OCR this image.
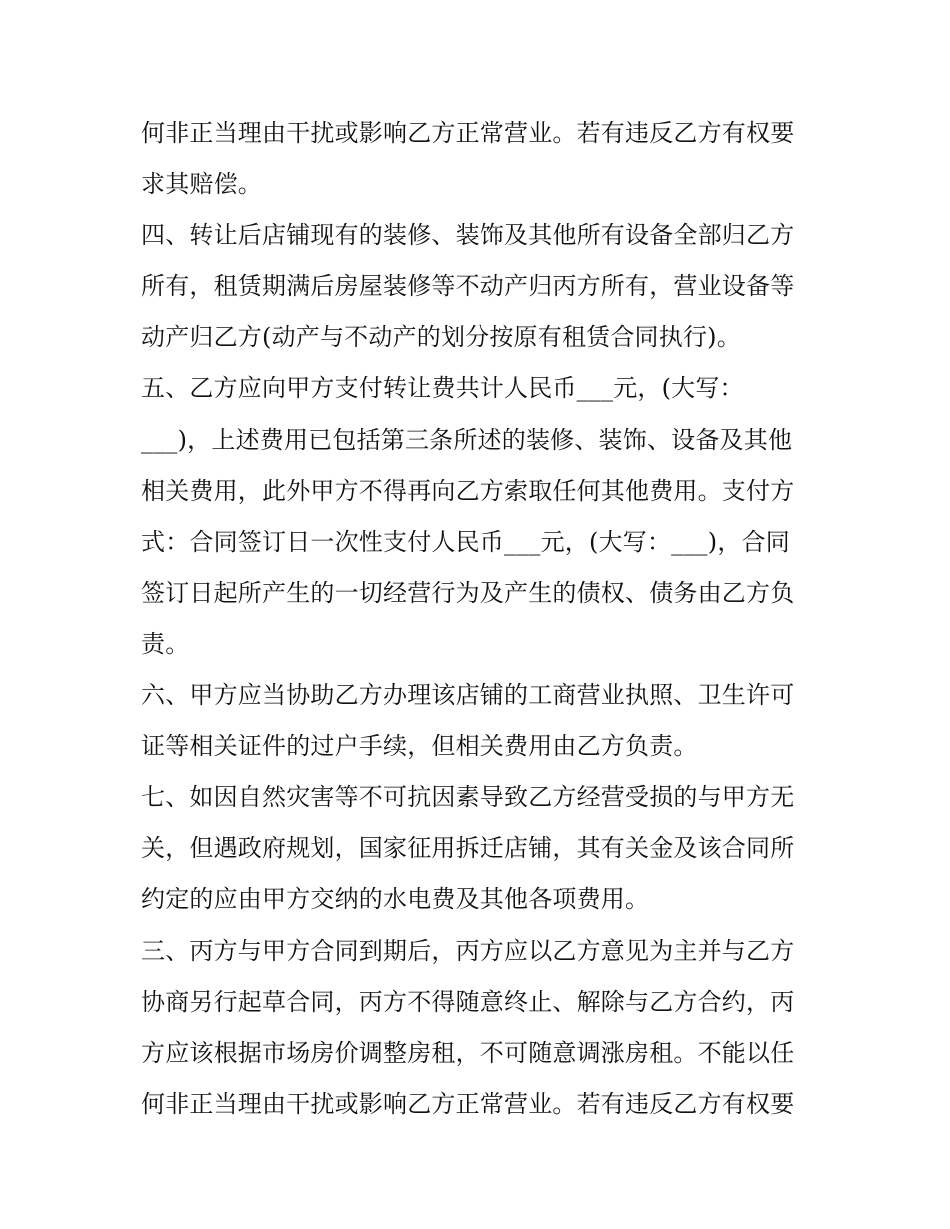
何非正当理由干扰或影响乙方正常营业。若有违反乙方有权要
求其赔偿。
四、转让后店铺现有的装修、装饰及其他所有设备全部归乙方
所有，租赁期满后房屋装修等不动产归丙方所有，营业设备等
动产归乙方(动产与不动产的划分按原有租赁合同执行)。
五、乙方应向甲方支付转让费共计人民币___元，(大写：
___)，上述费用已包括第三条所述的装修、装饰、设备及其他
相关费用，此外甲方不得再向乙方索取任何其他费用。支付方
式：合同签订日一次性支付人民币___元，(大写：___)，合同
签订日起所产生的一切经营行为及产生的债权、债务由乙方负
责。
六、甲方应当协助乙方办理该店铺的工商营业执照、卫生许可
证等相关证件的过户手续，但相关费用由乙方负责。
七、如因自然灾害等不可抗因素导致乙方经营受损的与甲方无
关，但遇政府规划，国家征用拆迁店铺，其有关金及该合同所
约定的应由甲方交纳的水电费及其他各项费用。
三、丙方与甲方合同到期后，丙方应以乙方意见为主并与乙方
协商另行起草合同，丙方不得随意终止、解除与乙方合约，丙
方应该根据市场房价调整房租，不可随意调涨房租。不能以任
何非正当理由干扰或影响乙方正常营业。若有违反乙方有权要
